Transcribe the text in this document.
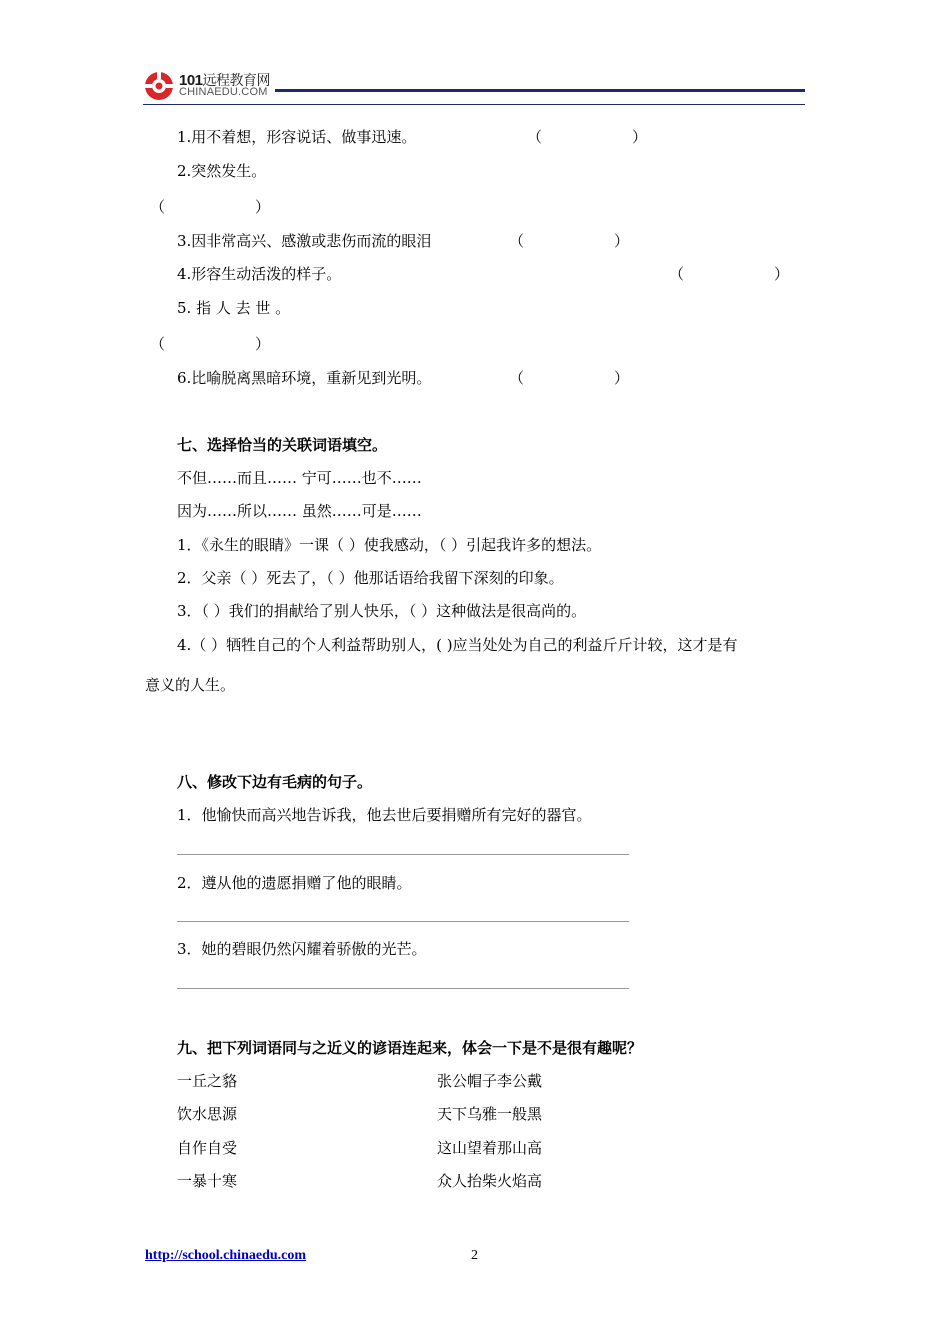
101远程教育网
CHINAEDU.COM
1.用不着想，形容说话、做事迅速。	（　　　　　　）
2.突然发生。
（　　　　　　）
3.因非常高兴、感激或悲伤而流的眼泪	（　　　　　　）
4.形容生动活泼的样子。	（　　　　　　）
5. 指 人 去 世 。
（　　　　　　）
6.比喻脱离黑暗环境，重新见到光明。	（　　　　　　）
七、选择恰当的关联词语填空。
不但……而且…… 宁可……也不……
因为……所以…… 虽然……可是……
1．《永生的眼睛》一课（ ）使我感动，（ ）引起我许多的想法。
2．父亲（ ）死去了，（ ）他那话语给我留下深刻的印象。
3．（ ）我们的捐献给了别人快乐，（ ）这种做法是很高尚的。
4.（ ）牺牲自己的个人利益帮助别人，( )应当处处为自己的利益斤斤计较，这才是有
意义的人生。
八、修改下边有毛病的句子。
1．他愉快而高兴地告诉我，他去世后要捐赠所有完好的器官。
2．遵从他的遗愿捐赠了他的眼睛。
3．她的碧眼仍然闪耀着骄傲的光芒。
九、把下列词语同与之近义的谚语连起来，体会一下是不是很有趣呢？
一丘之貉	张公帽子李公戴
饮水思源	天下乌雅一般黑
自作自受	这山望着那山高
一暴十寒	众人抬柴火焰高
http://school.chinaedu.com	2
